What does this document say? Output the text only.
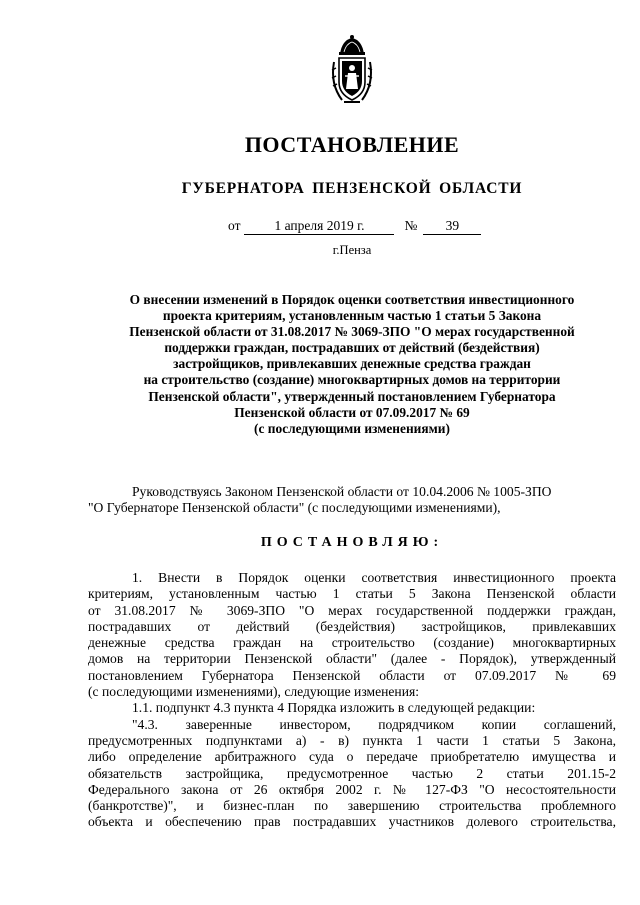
ПОСТАНОВЛЕНИЕ
ГУБЕРНАТОРА ПЕНЗЕНСКОЙ ОБЛАСТИ
от	1 апреля 2019 г.	№ 39
г.Пенза
О внесении изменений в Порядок оценки соответствия инвестиционного
проекта критериям, установленным частью 1 статьи 5 Закона
Пензенской области от 31.08.2017 № 3069-ЗПО "О мерах государственной
поддержки граждан, пострадавших от действий (бездействия)
застройщиков, привлекавших денежные средства граждан
на строительство (создание) многоквартирных домов на территории
Пензенской области", утвержденный постановлением Губернатора
Пензенской области от 07.09.2017 № 69
(с последующими изменениями)
Руководствуясь Законом Пензенской области от 10.04.2006 № 1005-ЗПО
"О Губернаторе Пензенской области" (с последующими изменениями),
ПОСТАНОВЛЯЮ:
1. Внести в Порядок оценки соответствия инвестиционного проекта
критериям, установленным частью 1 статьи 5 Закона Пензенской области
от 31.08.2017 № 3069-ЗПО "О мерах государственной поддержки граждан,
пострадавших от действий (бездействия) застройщиков, привлекавших
денежные средства граждан на строительство (создание) многоквартирных
домов на территории Пензенской области" (далее - Порядок), утвержденный
постановлением Губернатора Пензенской области от 07.09.2017 № 69
(с последующими изменениями), следующие изменения:
1.1. подпункт 4.3 пункта 4 Порядка изложить в следующей редакции:
"4.3. заверенные инвестором, подрядчиком копии соглашений,
предусмотренных подпунктами а) - в) пункта 1 части 1 статьи 5 Закона,
либо определение арбитражного суда о передаче приобретателю имущества и
обязательств застройщика, предусмотренное частью 2 статьи 201.15-2
Федерального закона от 26 октября 2002 г. № 127-ФЗ "О несостоятельности
(банкротстве)", и бизнес-план по завершению строительства проблемного
объекта и обеспечению прав пострадавших участников долевого строительства,
